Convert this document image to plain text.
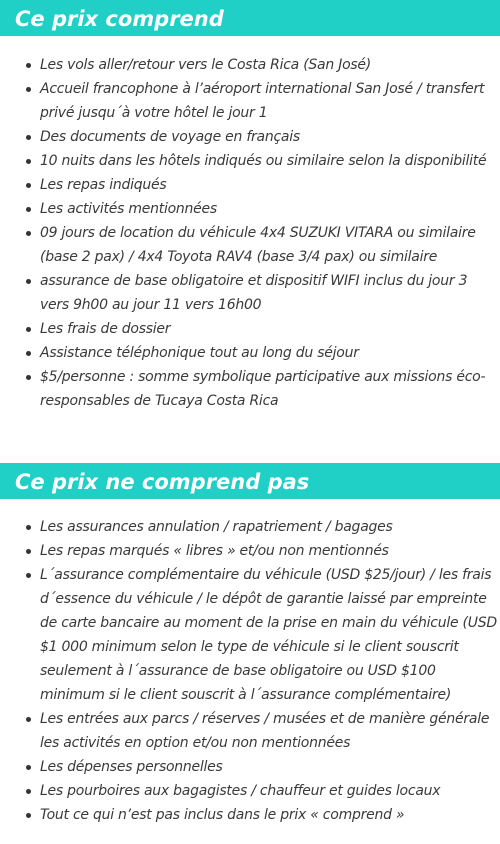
Ce prix comprend
Les vols aller/retour vers le Costa Rica (San José)
Accueil francophone à l’aéroport international San José / transfert privé jusqu´à votre hôtel le jour 1
Des documents de voyage en français
10 nuits dans les hôtels indiqués ou similaire selon la disponibilité
Les repas indiqués
Les activités mentionnées
09 jours de location du véhicule 4x4 SUZUKI VITARA ou similaire (base 2 pax) / 4x4 Toyota RAV4 (base 3/4 pax) ou similaire
assurance de base obligatoire et dispositif WIFI inclus du jour 3 vers 9h00 au jour 11 vers 16h00
Les frais de dossier
Assistance téléphonique tout au long du séjour
$5/personne : somme symbolique participative aux missions éco-responsables de Tucaya Costa Rica
Ce prix ne comprend pas
Les assurances annulation / rapatriement / bagages
Les repas marqués « libres » et/ou non mentionnés
L´assurance complémentaire du véhicule (USD $25/jour) / les frais d´essence du véhicule / le dépôt de garantie laissé par empreinte de carte bancaire au moment de la prise en main du véhicule (USD $1 000 minimum selon le type de véhicule si le client souscrit seulement à l´assurance de base obligatoire ou USD $100 minimum si le client souscrit à l´assurance complémentaire)
Les entrées aux parcs / réserves / musées et de manière générale les activités en option et/ou non mentionnées
Les dépenses personnelles
Les pourboires aux bagagistes / chauffeur et guides locaux
Tout ce qui n’est pas inclus dans le prix « comprend »
